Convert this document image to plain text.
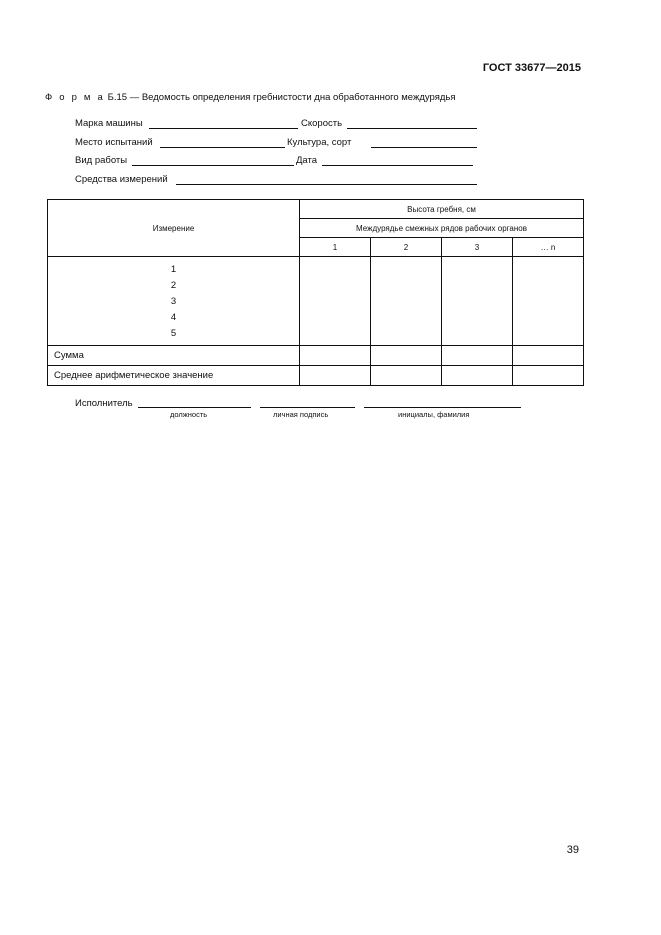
ГОСТ 33677—2015
Ф о р м а Б.15 — Ведомость определения гребнистости дна обработанного междурядья
Марка машины	Скорость
Место испытаний	Культура, сорт
Вид работы	Дата
Средства измерений
Измерение	Высота гребня, см			
	Междурядье смежных рядов рабочих органов			
	1	2	3	… n
1				
2				
3				
4				
5				
Сумма				
Среднее арифметическое значение				
Исполнитель
должность	личная подпись	инициалы, фамилия
39
